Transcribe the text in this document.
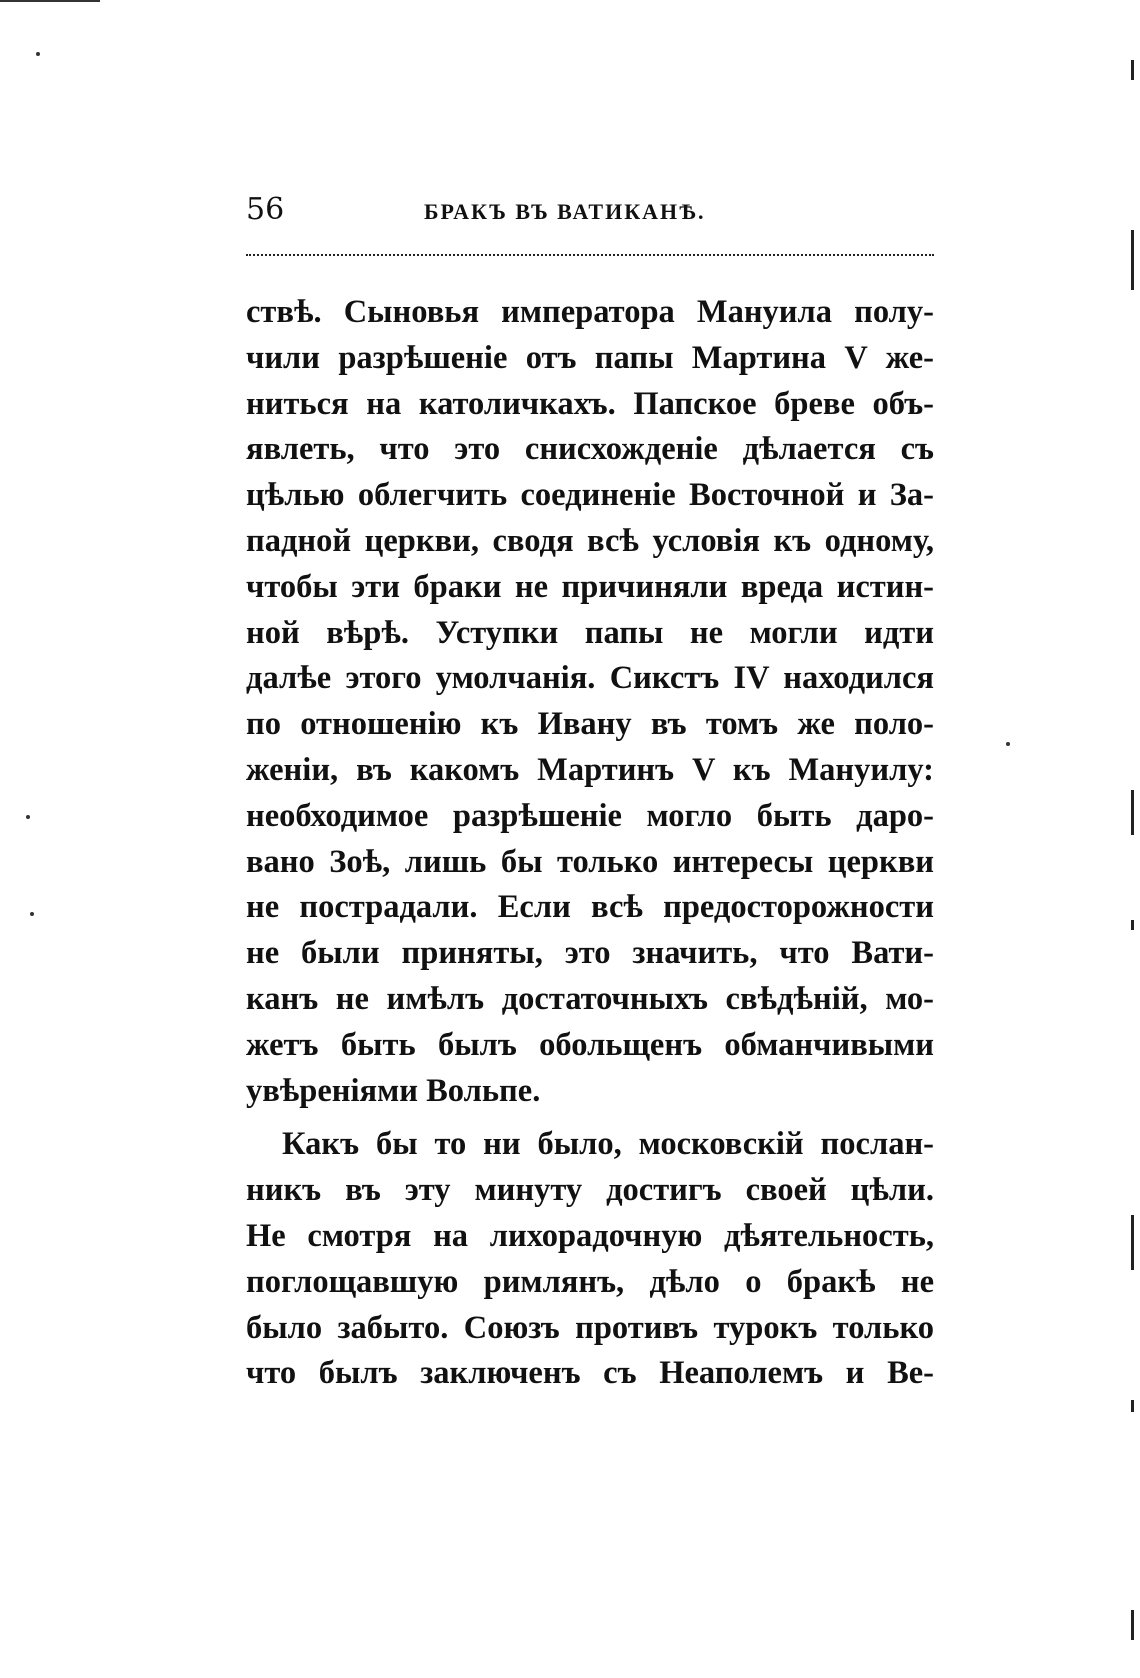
56	БРАКЪ ВЪ ВАТИКАНѢ.
ствѣ. Сыновья императора Мануила полу-
чили разрѣшеніе отъ папы Мартина V же-
ниться на католичкахъ. Папское бреве объ-
явлеть, что это снисхожденіе дѣлается съ
цѣлью облегчить соединеніе Восточной и За-
падной церкви, сводя всѣ условія къ одному,
чтобы эти браки не причиняли вреда истин-
ной вѣрѣ. Уступки папы не могли идти
далѣе этого умолчанія. Сикстъ IV находился
по отношенію къ Ивану въ томъ же поло-
женіи, въ какомъ Мартинъ V къ Мануилу:
необходимое разрѣшеніе могло быть даро-
вано Зоѣ, лишь бы только интересы церкви
не пострадали. Если всѣ предосторожности
не были приняты, это значить, что Вати-
канъ не имѣлъ достаточныхъ свѣдѣній, мо-
жетъ быть былъ обольщенъ обманчивыми
увѣреніями Вольпе.
Какъ бы то ни было, московскій послан-
никъ въ эту минуту достигъ своей цѣли.
Не смотря на лихорадочную дѣятельность,
поглощавшую римлянъ, дѣло о бракѣ не
было забыто. Союзъ противъ турокъ только
что былъ заключенъ съ Неаполемъ и Ве-
